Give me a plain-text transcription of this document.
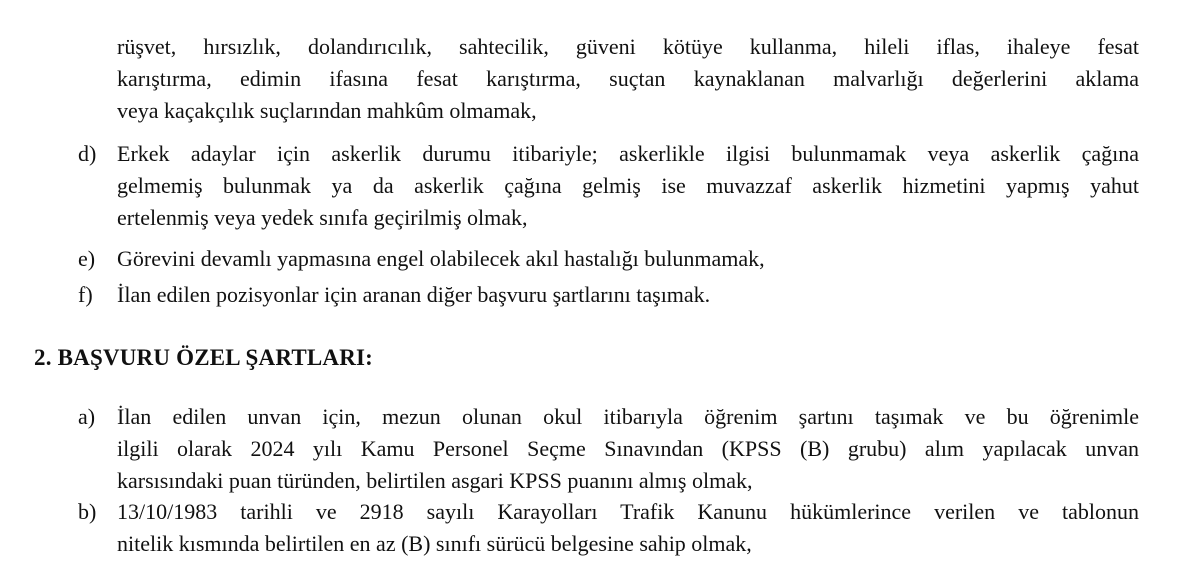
rüşvet, hırsızlık, dolandırıcılık, sahtecilik, güveni kötüye kullanma, hileli iflas, ihaleye fesat
karıştırma, edimin ifasına fesat karıştırma, suçtan kaynaklanan malvarlığı değerlerini aklama
veya kaçakçılık suçlarından mahkûm olmamak,
d) Erkek adaylar için askerlik durumu itibariyle; askerlikle ilgisi bulunmamak veya askerlik çağına
gelmemiş bulunmak ya da askerlik çağına gelmiş ise muvazzaf askerlik hizmetini yapmış yahut
ertelenmiş veya yedek sınıfa geçirilmiş olmak,
e) Görevini devamlı yapmasına engel olabilecek akıl hastalığı bulunmamak,
f) İlan edilen pozisyonlar için aranan diğer başvuru şartlarını taşımak.
2. BAŞVURU ÖZEL ŞARTLARI:
a) İlan edilen unvan için, mezun olunan okul itibarıyla öğrenim şartını taşımak ve bu öğrenimle
ilgili olarak 2024 yılı Kamu Personel Seçme Sınavından (KPSS (B) grubu) alım yapılacak unvan
karsısındaki puan türünden, belirtilen asgari KPSS puanını almış olmak,
b) 13/10/1983 tarihli ve 2918 sayılı Karayolları Trafik Kanunu hükümlerince verilen ve tablonun
nitelik kısmında belirtilen en az (B) sınıfı sürücü belgesine sahip olmak,
